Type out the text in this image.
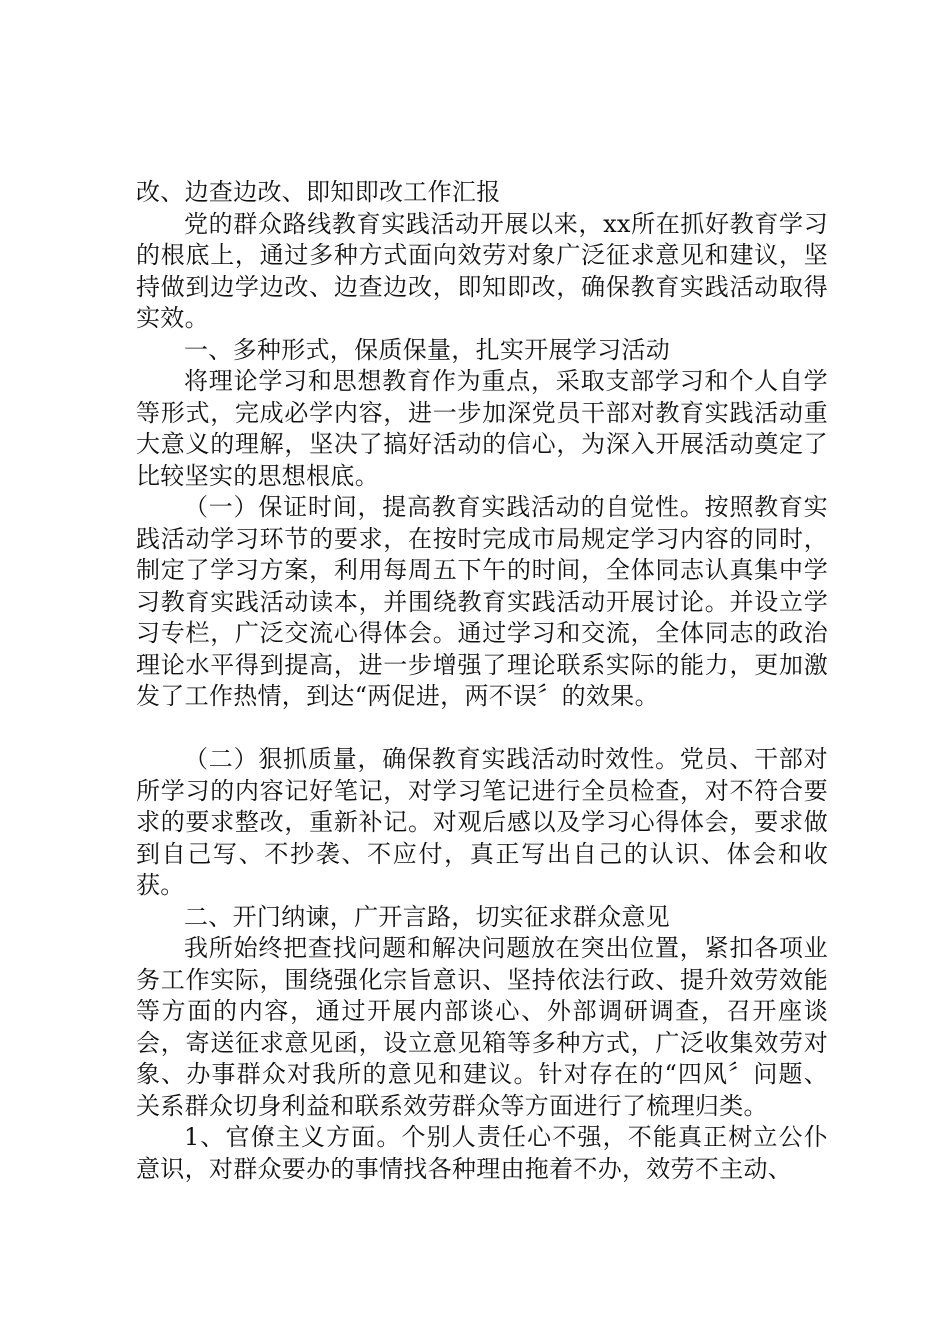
改、边查边改、即知即改工作汇报

党的群众路线教育实践活动开展以来，xx所在抓好教育学习的根底上，通过多种方式面向效劳对象广泛征求意见和建议，坚持做到边学边改、边查边改，即知即改，确保教育实践活动取得实效。

一、多种形式，保质保量，扎实开展学习活动

将理论学习和思想教育作为重点，采取支部学习和个人自学等形式，完成必学内容，进一步加深党员干部对教育实践活动重大意义的理解，坚决了搞好活动的信心，为深入开展活动奠定了比较坚实的思想根底。

（一）保证时间，提高教育实践活动的自觉性。按照教育实践活动学习环节的要求，在按时完成市局规定学习内容的同时，制定了学习方案，利用每周五下午的时间，全体同志认真集中学习教育实践活动读本，并围绕教育实践活动开展讨论。并设立学习专栏，广泛交流心得体会。通过学习和交流，全体同志的政治理论水平得到提高，进一步增强了理论联系实际的能力，更加激发了工作热情，到达“两促进，两不误〞的效果。

（二）狠抓质量，确保教育实践活动时效性。党员、干部对所学习的内容记好笔记，对学习笔记进行全员检查，对不符合要求的要求整改，重新补记。对观后感以及学习心得体会，要求做到自己写、不抄袭、不应付，真正写出自己的认识、体会和收获。

二、开门纳谏，广开言路，切实征求群众意见

我所始终把查找问题和解决问题放在突出位置，紧扣各项业务工作实际，围绕强化宗旨意识、坚持依法行政、提升效劳效能等方面的内容，通过开展内部谈心、外部调研调查，召开座谈会，寄送征求意见函，设立意见箱等多种方式，广泛收集效劳对象、办事群众对我所的意见和建议。针对存在的“四风〞问题、关系群众切身利益和联系效劳群众等方面进行了梳理归类。

1、官僚主义方面。个别人责任心不强，不能真正树立公仆意识，对群众要办的事情找各种理由拖着不办，效劳不主动、
